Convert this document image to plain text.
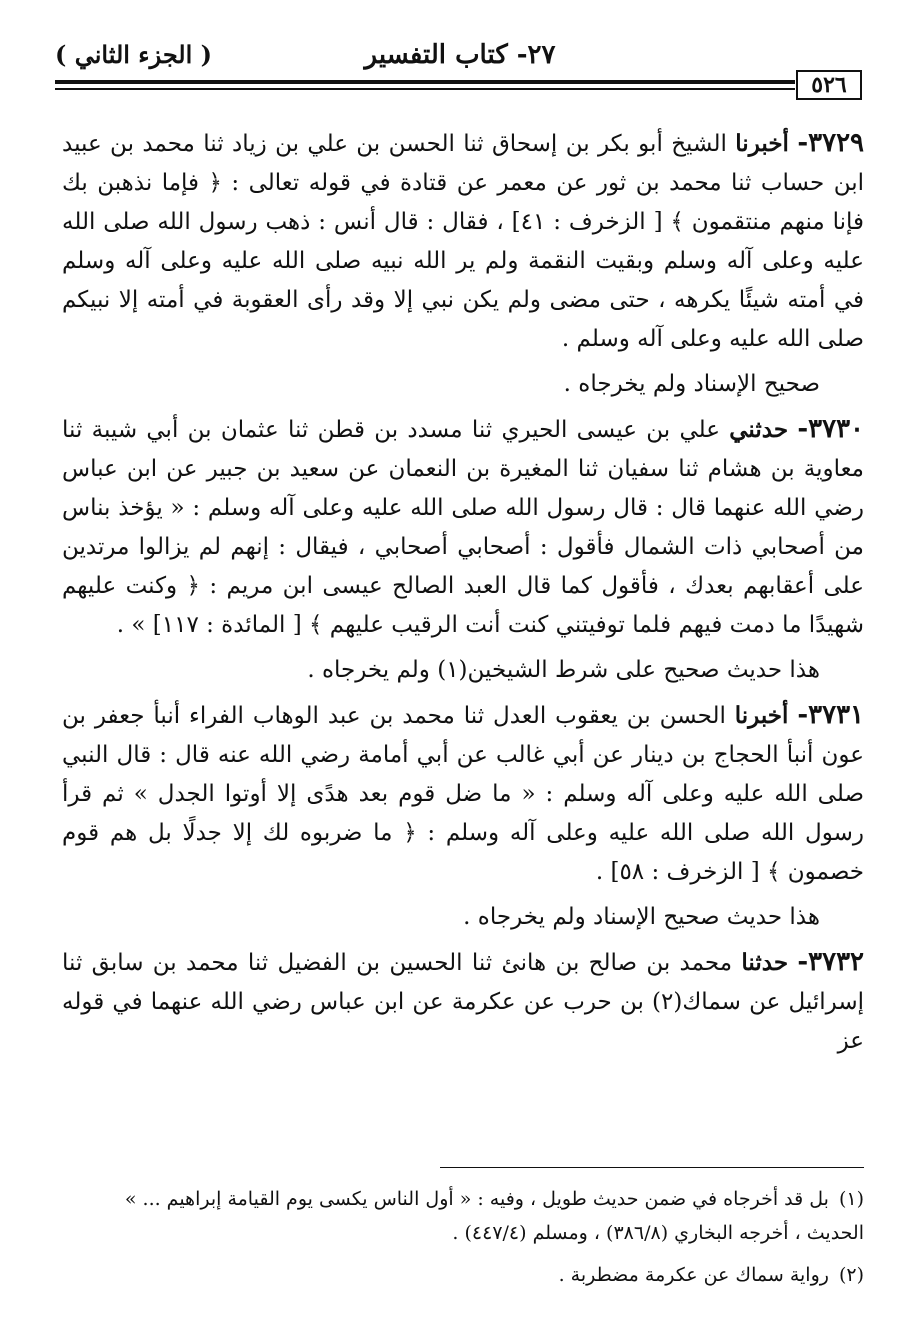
٢٧- كتاب التفسير
( الجزء الثاني )
٥٢٦

٣٧٢٩- أخبرنا الشيخ أبو بكر بن إسحاق ثنا الحسن بن علي بن زياد ثنا محمد بن عبيد ابن حساب ثنا محمد بن ثور عن معمر عن قتادة في قوله تعالى : ﴿ فإما نذهبن بك فإنا منهم منتقمون ﴾ [ الزخرف : ٤١] ، فقال : قال أنس : ذهب رسول الله صلى الله عليه وعلى آله وسلم وبقيت النقمة ولم ير الله نبيه صلى الله عليه وعلى آله وسلم في أمته شيئًا يكرهه ، حتى مضى ولم يكن نبي إلا وقد رأى العقوبة في أمته إلا نبيكم صلى الله عليه وعلى آله وسلم .

صحيح الإسناد ولم يخرجاه .

٣٧٣٠- حدثني علي بن عيسى الحيري ثنا مسدد بن قطن ثنا عثمان بن أبي شيبة ثنا معاوية بن هشام ثنا سفيان ثنا المغيرة بن النعمان عن سعيد بن جبير عن ابن عباس رضي الله عنهما قال : قال رسول الله صلى الله عليه وعلى آله وسلم : « يؤخذ بناس من أصحابي ذات الشمال فأقول : أصحابي أصحابي ، فيقال : إنهم لم يزالوا مرتدين على أعقابهم بعدك ، فأقول كما قال العبد الصالح عيسى ابن مريم : ﴿ وكنت عليهم شهيدًا ما دمت فيهم فلما توفيتني كنت أنت الرقيب عليهم ﴾ [ المائدة : ١١٧] » .

هذا حديث صحيح على شرط الشيخين(١) ولم يخرجاه .

٣٧٣١- أخبرنا الحسن بن يعقوب العدل ثنا محمد بن عبد الوهاب الفراء أنبأ جعفر بن عون أنبأ الحجاج بن دينار عن أبي غالب عن أبي أمامة رضي الله عنه قال : قال النبي صلى الله عليه وعلى آله وسلم : « ما ضل قوم بعد هدًى إلا أوتوا الجدل » ثم قرأ رسول الله صلى الله عليه وعلى آله وسلم : ﴿ ما ضربوه لك إلا جدلًا بل هم قوم خصمون ﴾ [ الزخرف : ٥٨] .

هذا حديث صحيح الإسناد ولم يخرجاه .

٣٧٣٢- حدثنا محمد بن صالح بن هانئ ثنا الحسين بن الفضيل ثنا محمد بن سابق ثنا إسرائيل عن سماك(٢) بن حرب عن عكرمة عن ابن عباس رضي الله عنهما في قوله عز

(١)بل قد أخرجاه في ضمن حديث طويل ، وفيه : « أول الناس يكسى يوم القيامة إبراهيم ... » الحديث ، أخرجه البخاري (٣٨٦/٨) ، ومسلم (٤٤٧/٤) .

(٢)رواية سماك عن عكرمة مضطربة .
